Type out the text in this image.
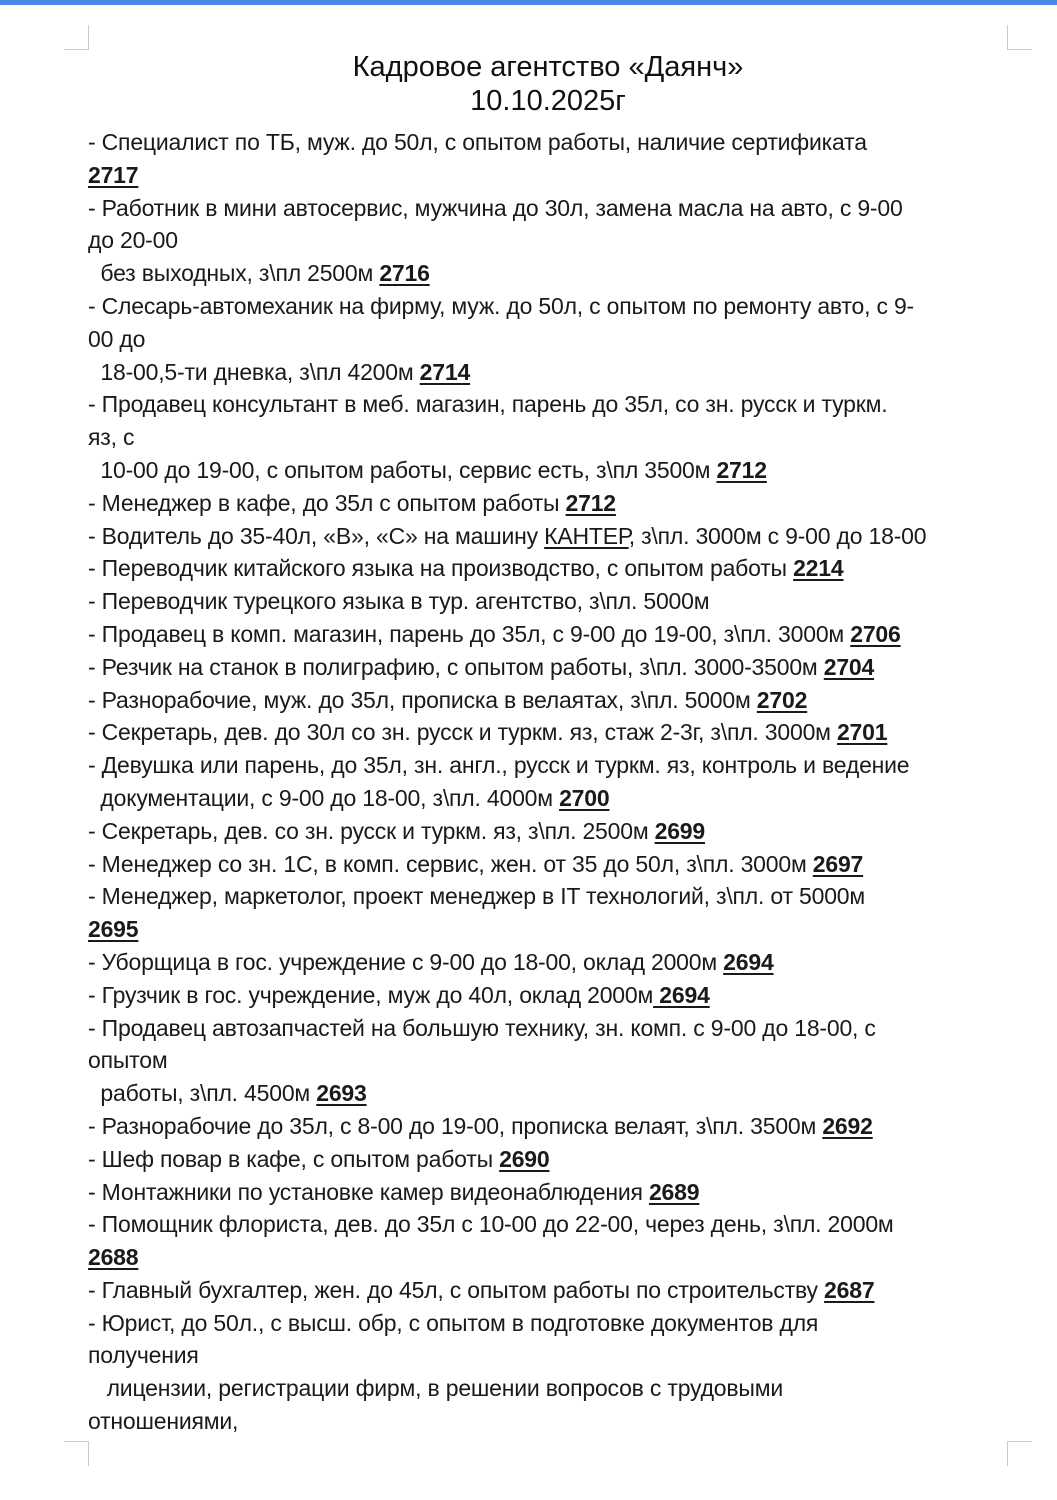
Кадровое агентство «Даянч»
10.10.2025г
- Специалист по ТБ, муж. до 50л, с опытом работы, наличие сертификата
2717
- Работник в мини автосервис, мужчина до 30л, замена масла на авто, с 9-00
до 20-00
без выходных, з\пл 2500м 2716
- Слесарь-автомеханик на фирму, муж. до 50л, с опытом по ремонту авто, с 9-
00 до
18-00,5-ти дневка, з\пл 4200м 2714
- Продавец консультант в меб. магазин, парень до 35л, со зн. русск и туркм.
яз, с
10-00 до 19-00, с опытом работы, сервис есть, з\пл 3500м 2712
- Менеджер в кафе, до 35л с опытом работы 2712
- Водитель до 35-40л, «В», «С» на машину КАНТЕР, з\пл. 3000м с 9-00 до 18-00
- Переводчик китайского языка на производство, с опытом работы 2214
- Переводчик турецкого языка в тур. агентство, з\пл. 5000м
- Продавец в комп. магазин, парень до 35л, с 9-00 до 19-00, з\пл. 3000м 2706
- Резчик на станок в полиграфию, с опытом работы, з\пл. 3000-3500м 2704
- Разнорабочие, муж. до 35л, прописка в велаятах, з\пл. 5000м 2702
- Секретарь, дев. до 30л со зн. русск и туркм. яз, стаж 2-3г, з\пл. 3000м 2701
- Девушка или парень, до 35л, зн. англ., русск и туркм. яз, контроль и ведение
документации, с 9-00 до 18-00, з\пл. 4000м 2700
- Секретарь, дев. со зн. русск и туркм. яз, з\пл. 2500м 2699
- Менеджер со зн. 1С, в комп. сервис, жен. от 35 до 50л, з\пл. 3000м 2697
- Менеджер, маркетолог, проект менеджер в IT технологий, з\пл. от 5000м
2695
- Уборщица в гос. учреждение с 9-00 до 18-00, оклад 2000м 2694
- Грузчик в гос. учреждение, муж до 40л, оклад 2000м 2694
- Продавец автозапчастей на большую технику, зн. комп. с 9-00 до 18-00, с
опытом
работы, з\пл. 4500м 2693
- Разнорабочие до 35л, с 8-00 до 19-00, прописка велаят, з\пл. 3500м 2692
- Шеф повар в кафе, с опытом работы 2690
- Монтажники по установке камер видеонаблюдения 2689
- Помощник флориста, дев. до 35л с 10-00 до 22-00, через день, з\пл. 2000м
2688
- Главный бухгалтер, жен. до 45л, с опытом работы по строительству 2687
- Юрист, до 50л., с высш. обр, с опытом в подготовке документов для
получения
лицензии, регистрации фирм, в решении вопросов с трудовыми
отношениями,
